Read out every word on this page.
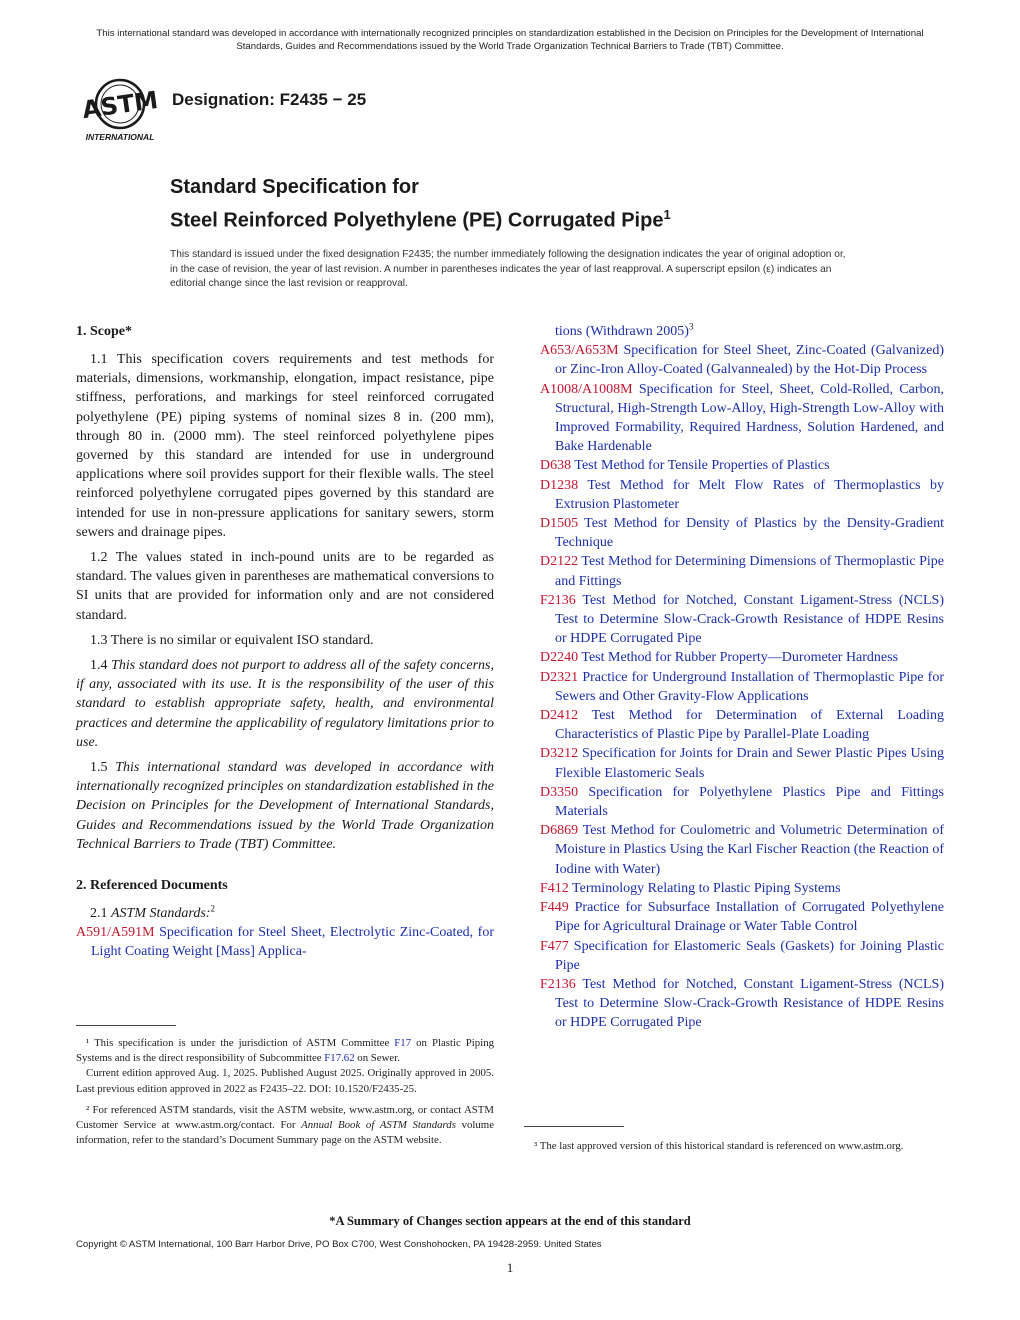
This international standard was developed in accordance with internationally recognized principles on standardization established in the Decision on Principles for the Development of International Standards, Guides and Recommendations issued by the World Trade Organization Technical Barriers to Trade (TBT) Committee.
ASTM
INTERNATIONAL
Designation: F2435 − 25
Standard Specification for
Steel Reinforced Polyethylene (PE) Corrugated Pipe$^1$
This standard is issued under the fixed designation F2435; the number immediately following the designation indicates the year of original adoption or, in the case of revision, the year of last revision. A number in parentheses indicates the year of last reapproval. A superscript epsilon (ε) indicates an editorial change since the last revision or reapproval.
1. Scope*

1.1 This specification covers requirements and test methods for materials, dimensions, workmanship, elongation, impact resistance, pipe stiffness, perforations, and markings for steel reinforced corrugated polyethylene (PE) piping systems of nominal sizes 8 in. (200 mm), through 80 in. (2000 mm). The steel reinforced polyethylene pipes governed by this standard are intended for use in underground applications where soil provides support for their flexible walls. The steel reinforced polyethylene corrugated pipes governed by this standard are intended for use in non-pressure applications for sanitary sewers, storm sewers and drainage pipes.

1.2 The values stated in inch-pound units are to be regarded as standard. The values given in parentheses are mathematical conversions to SI units that are provided for information only and are not considered standard.

1.3 There is no similar or equivalent ISO standard.

1.4 This standard does not purport to address all of the safety concerns, if any, associated with its use. It is the responsibility of the user of this standard to establish appropriate safety, health, and environmental practices and determine the applicability of regulatory limitations prior to use.

1.5 This international standard was developed in accordance with internationally recognized principles on standardization established in the Decision on Principles for the Development of International Standards, Guides and Recommendations issued by the World Trade Organization Technical Barriers to Trade (TBT) Committee.

2. Referenced Documents

2.1 ASTM Standards:$^2$

A591/A591M Specification for Steel Sheet, Electrolytic Zinc-Coated, for Light Coating Weight [Mass] Applica-

¹ This specification is under the jurisdiction of ASTM Committee F17 on Plastic Piping Systems and is the direct responsibility of Subcommittee F17.62 on Sewer.

Current edition approved Aug. 1, 2025. Published August 2025. Originally approved in 2005. Last previous edition approved in 2022 as F2435–22. DOI: 10.1520/F2435-25.

² For referenced ASTM standards, visit the ASTM website, www.astm.org, or contact ASTM Customer Service at www.astm.org/contact. For Annual Book of ASTM Standards volume information, refer to the standard’s Document Summary page on the ASTM website.

tions (Withdrawn 2005)$^3$

A653/A653M Specification for Steel Sheet, Zinc-Coated (Galvanized) or Zinc-Iron Alloy-Coated (Galvannealed) by the Hot-Dip Process

A1008/A1008M Specification for Steel, Sheet, Cold-Rolled, Carbon, Structural, High-Strength Low-Alloy, High-Strength Low-Alloy with Improved Formability, Required Hardness, Solution Hardened, and Bake Hardenable

D638 Test Method for Tensile Properties of Plastics

D1238 Test Method for Melt Flow Rates of Thermoplastics by Extrusion Plastometer

D1505 Test Method for Density of Plastics by the Density-Gradient Technique

D2122 Test Method for Determining Dimensions of Thermoplastic Pipe and Fittings

F2136 Test Method for Notched, Constant Ligament-Stress (NCLS) Test to Determine Slow-Crack-Growth Resistance of HDPE Resins or HDPE Corrugated Pipe

D2240 Test Method for Rubber Property—Durometer Hardness

D2321 Practice for Underground Installation of Thermoplastic Pipe for Sewers and Other Gravity-Flow Applications

D2412 Test Method for Determination of External Loading Characteristics of Plastic Pipe by Parallel-Plate Loading

D3212 Specification for Joints for Drain and Sewer Plastic Pipes Using Flexible Elastomeric Seals

D3350 Specification for Polyethylene Plastics Pipe and Fittings Materials

D6869 Test Method for Coulometric and Volumetric Determination of Moisture in Plastics Using the Karl Fischer Reaction (the Reaction of Iodine with Water)

F412 Terminology Relating to Plastic Piping Systems

F449 Practice for Subsurface Installation of Corrugated Polyethylene Pipe for Agricultural Drainage or Water Table Control

F477 Specification for Elastomeric Seals (Gaskets) for Joining Plastic Pipe

F2136 Test Method for Notched, Constant Ligament-Stress (NCLS) Test to Determine Slow-Crack-Growth Resistance of HDPE Resins or HDPE Corrugated Pipe

³ The last approved version of this historical standard is referenced on www.astm.org.

*A Summary of Changes section appears at the end of this standard
Copyright © ASTM International, 100 Barr Harbor Drive, PO Box C700, West Conshohocken, PA 19428-2959. United States
1
